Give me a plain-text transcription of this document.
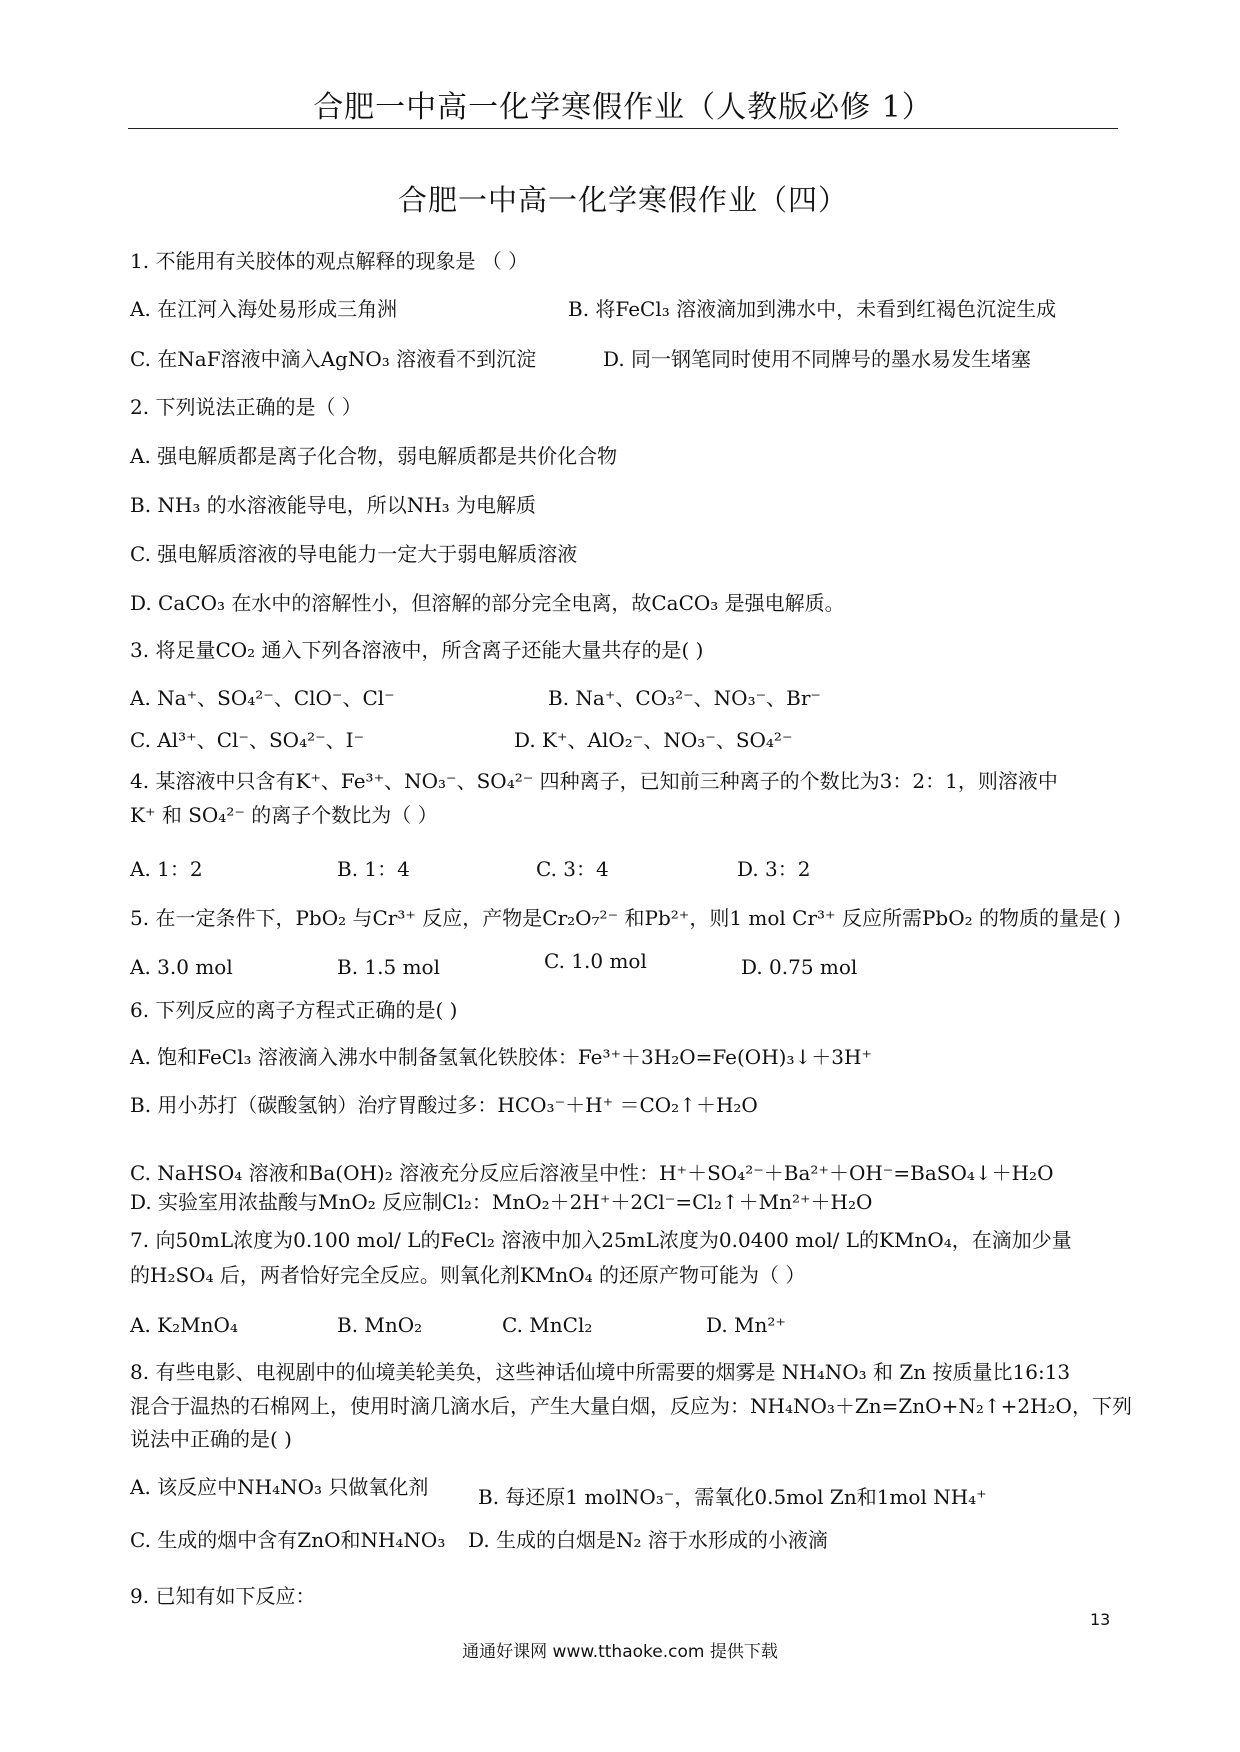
合肥一中高一化学寒假作业（人教版必修 1）
合肥一中高一化学寒假作业（四）
1. 不能用有关胶体的观点解释的现象是 （ ）
A. 在江河入海处易形成三角洲	B. 将FeCl₃ 溶液滴加到沸水中，未看到红褐色沉淀生成
C. 在NaF溶液中滴入AgNO₃ 溶液看不到沉淀	D. 同一钢笔同时使用不同牌号的墨水易发生堵塞
2. 下列说法正确的是（ ）
A. 强电解质都是离子化合物，弱电解质都是共价化合物
B. NH₃ 的水溶液能导电，所以NH₃ 为电解质
C. 强电解质溶液的导电能力一定大于弱电解质溶液
D. CaCO₃ 在水中的溶解性小，但溶解的部分完全电离，故CaCO₃ 是强电解质。
3. 将足量CO₂ 通入下列各溶液中，所含离子还能大量共存的是( )
A. Na⁺、SO₄²⁻、ClO⁻、Cl⁻	B. Na⁺、CO₃²⁻、NO₃⁻、Br⁻
C. Al³⁺、Cl⁻、SO₄²⁻、I⁻	D. K⁺、AlO₂⁻、NO₃⁻、SO₄²⁻
4. 某溶液中只含有K⁺、Fe³⁺、NO₃⁻、SO₄²⁻ 四种离子，已知前三种离子的个数比为3：2：1，则溶液中
K⁺ 和 SO₄²⁻ 的离子个数比为（ ）
A. 1：2	B. 1：4	C. 3：4	D. 3：2
5. 在一定条件下，PbO₂ 与Cr³⁺ 反应，产物是Cr₂O₇²⁻ 和Pb²⁺，则1 mol Cr³⁺ 反应所需PbO₂ 的物质的量是( )
A. 3.0 mol	B. 1.5 mol	C. 1.0 mol	D. 0.75 mol
6. 下列反应的离子方程式正确的是( )
A. 饱和FeCl₃ 溶液滴入沸水中制备氢氧化铁胶体：Fe³⁺＋3H₂O=Fe(OH)₃↓＋3H⁺
B. 用小苏打（碳酸氢钠）治疗胃酸过多：HCO₃⁻＋H⁺ ＝CO₂↑＋H₂O
C. NaHSO₄ 溶液和Ba(OH)₂ 溶液充分反应后溶液呈中性：H⁺＋SO₄²⁻＋Ba²⁺＋OH⁻=BaSO₄↓＋H₂O
D. 实验室用浓盐酸与MnO₂ 反应制Cl₂：MnO₂＋2H⁺＋2Cl⁻=Cl₂↑＋Mn²⁺＋H₂O
7. 向50mL浓度为0.100 mol/ L的FeCl₂ 溶液中加入25mL浓度为0.0400 mol/ L的KMnO₄，在滴加少量
的H₂SO₄ 后，两者恰好完全反应。则氧化剂KMnO₄ 的还原产物可能为（ ）
A. K₂MnO₄	B. MnO₂	C. MnCl₂	D. Mn²⁺
8. 有些电影、电视剧中的仙境美轮美奂，这些神话仙境中所需要的烟雾是 NH₄NO₃ 和 Zn 按质量比16:13
混合于温热的石棉网上，使用时滴几滴水后，产生大量白烟，反应为：NH₄NO₃＋Zn=ZnO+N₂↑+2H₂O，下列
说法中正确的是( )
A. 该反应中NH₄NO₃ 只做氧化剂 B. 每还原1 molNO₃⁻，需氧化0.5mol Zn和1mol NH₄⁺
C. 生成的烟中含有ZnO和NH₄NO₃ D. 生成的白烟是N₂ 溶于水形成的小液滴
9. 已知有如下反应：
13
通通好课网 www.tthaoke.com 提供下载
